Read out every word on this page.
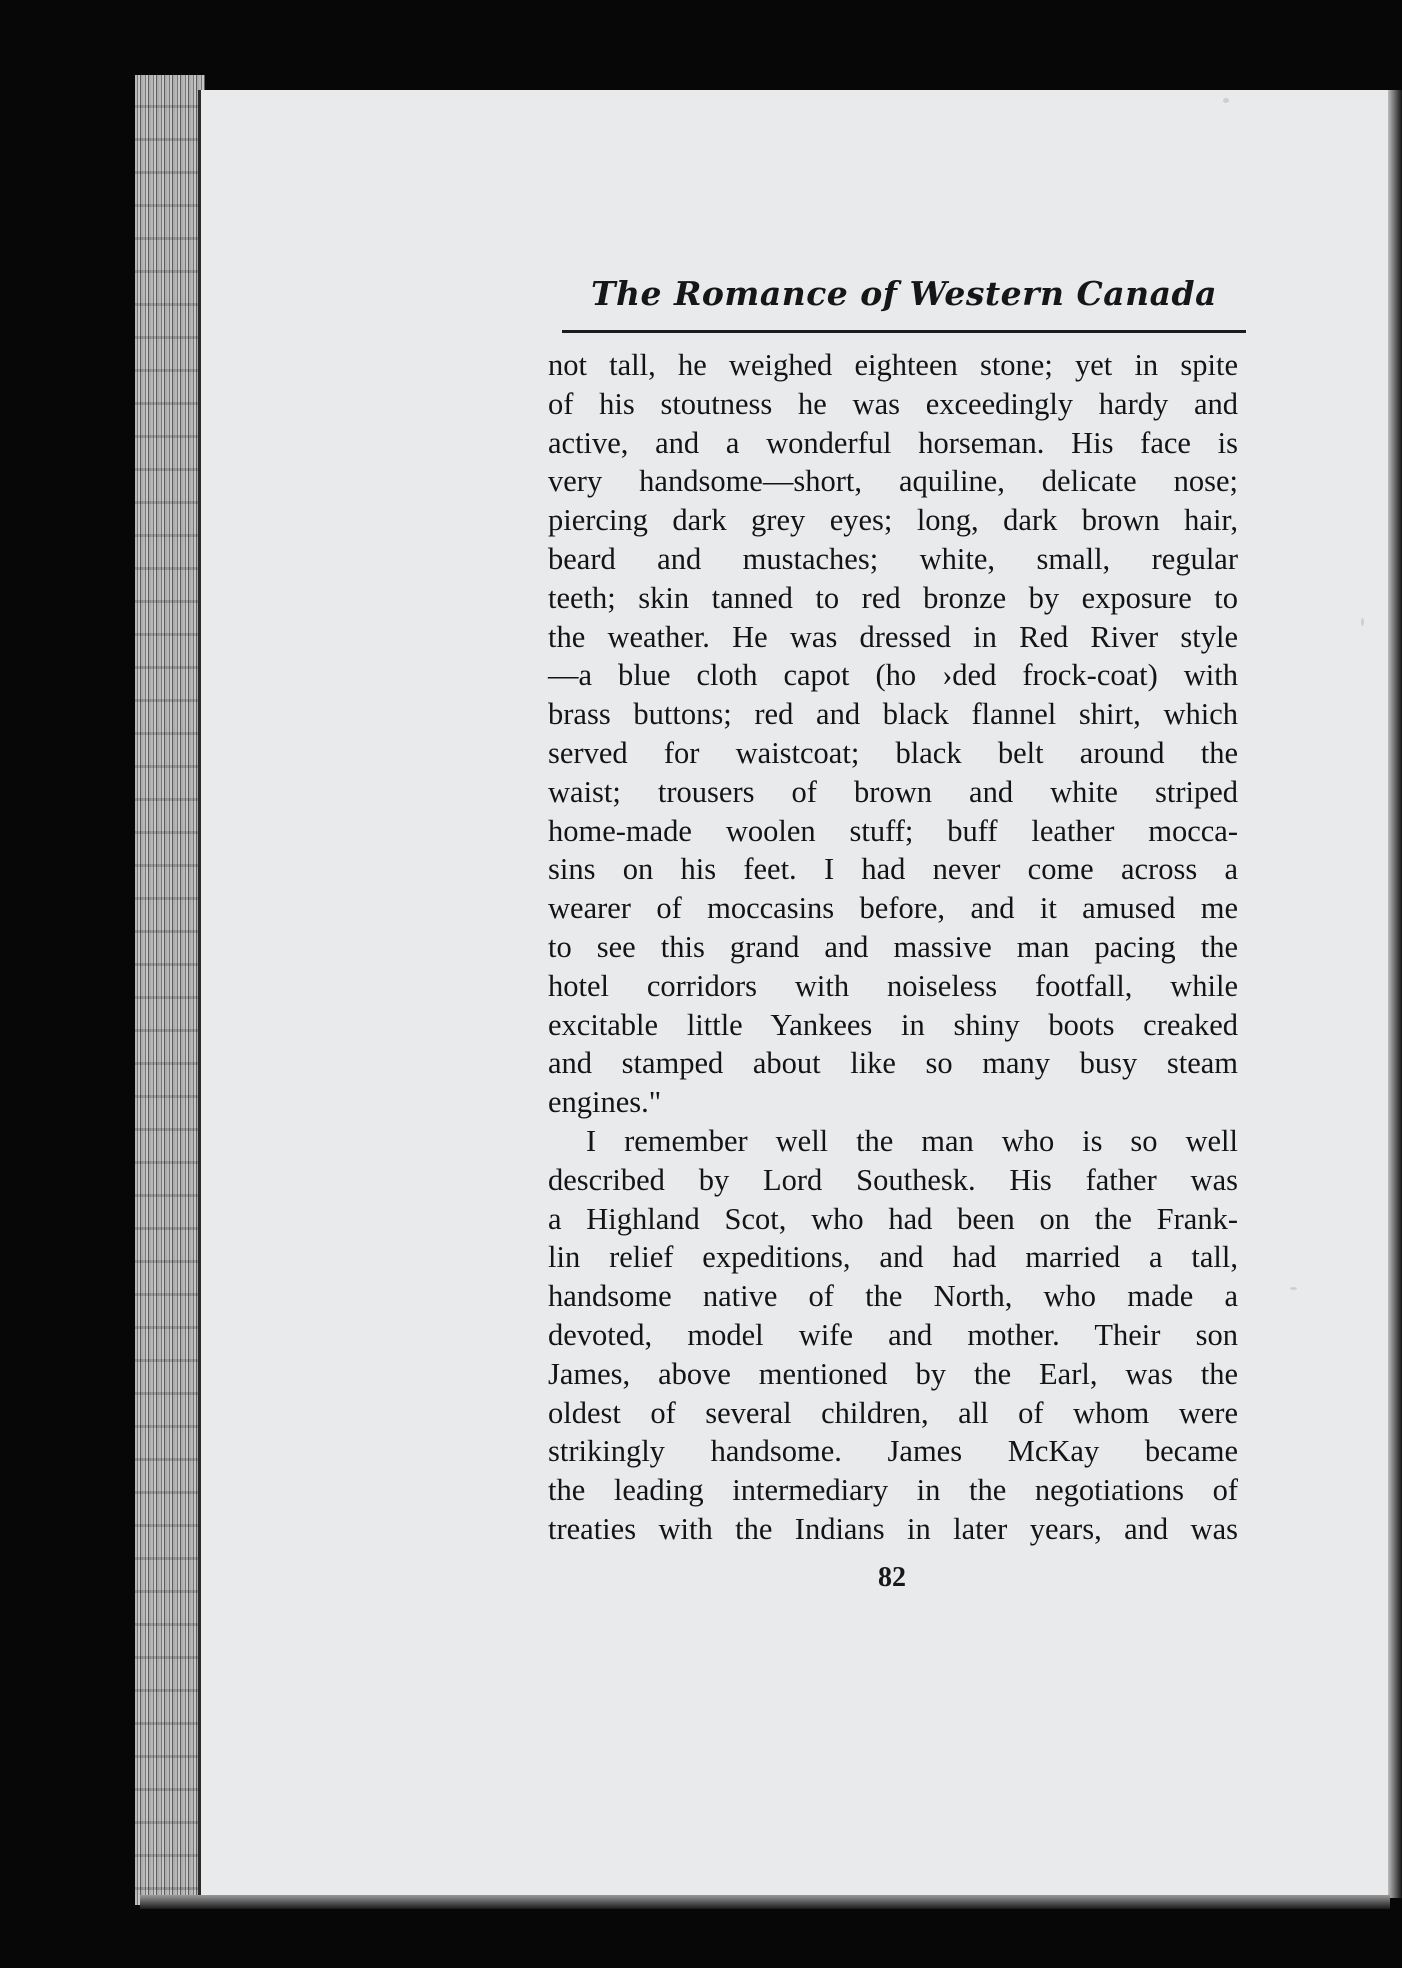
The Romance of Western Canada
not tall, he weighed eighteen stone; yet in spite
of his stoutness he was exceedingly hardy and
active, and a wonderful horseman. His face is
very handsome—short, aquiline, delicate nose;
piercing dark grey eyes; long, dark brown hair,
beard and mustaches; white, small, regular
teeth; skin tanned to red bronze by exposure to
the weather. He was dressed in Red River style
—a blue cloth capot (ho ›ded frock-coat) with
brass buttons; red and black flannel shirt, which
served for waistcoat; black belt around the
waist; trousers of brown and white striped
home-made woolen stuff; buff leather mocca-
sins on his feet. I had never come across a
wearer of moccasins before, and it amused me
to see this grand and massive man pacing the
hotel corridors with noiseless footfall, while
excitable little Yankees in shiny boots creaked
and stamped about like so many busy steam
engines."
I remember well the man who is so well
described by Lord Southesk. His father was
a Highland Scot, who had been on the Frank-
lin relief expeditions, and had married a tall,
handsome native of the North, who made a
devoted, model wife and mother. Their son
James, above mentioned by the Earl, was the
oldest of several children, all of whom were
strikingly handsome. James McKay became
the leading intermediary in the negotiations of
treaties with the Indians in later years, and was
82
